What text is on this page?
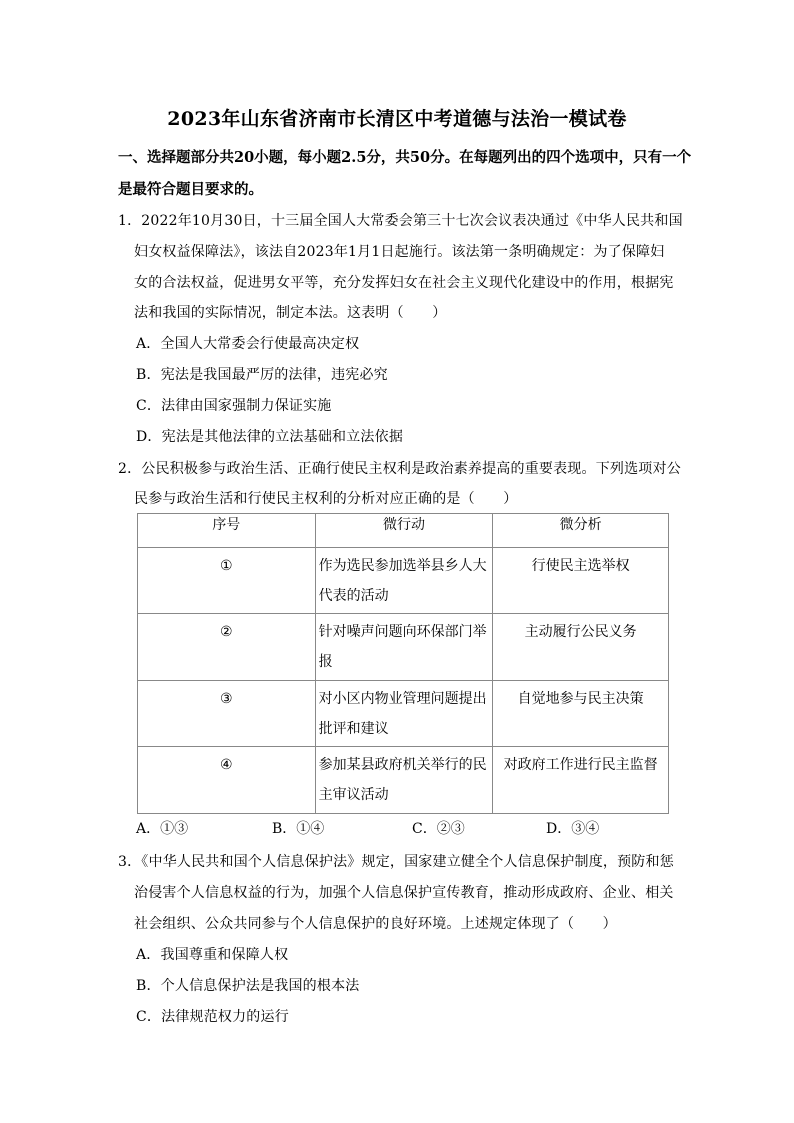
2023年山东省济南市长清区中考道德与法治一模试卷
一、选择题部分共20小题，每小题2.5分，共50分。在每题列出的四个选项中，只有一个
是最符合题目要求的。
1．2022年10月30日，十三届全国人大常委会第三十七次会议表决通过《中华人民共和国
妇女权益保障法》，该法自2023年1月1日起施行。该法第一条明确规定：为了保障妇
女的合法权益，促进男女平等，充分发挥妇女在社会主义现代化建设中的作用，根据宪
法和我国的实际情况，制定本法。这表明（　　）
A．全国人大常委会行使最高决定权
B．宪法是我国最严厉的法律，违宪必究
C．法律由国家强制力保证实施
D．宪法是其他法律的立法基础和立法依据
2．公民积极参与政治生活、正确行使民主权利是政治素养提高的重要表现。下列选项对公
民参与政治生活和行使民主权利的分析对应正确的是（　　）
序号	微行动	微分析

①	作为选民参加选举县乡人大
代表的活动	行使民主选举权

②	针对噪声问题向环保部门举
报	主动履行公民义务

③	对小区内物业管理问题提出
批评和建议	自觉地参与民主决策

④	参加某县政府机关举行的民
主审议活动	对政府工作进行民主监督
A．①③	B．①④	C．②③	D．③④
3．《中华人民共和国个人信息保护法》规定，国家建立健全个人信息保护制度，预防和惩
治侵害个人信息权益的行为，加强个人信息保护宣传教育，推动形成政府、企业、相关
社会组织、公众共同参与个人信息保护的良好环境。上述规定体现了（　　）
A．我国尊重和保障人权
B．个人信息保护法是我国的根本法
C．法律规范权力的运行
